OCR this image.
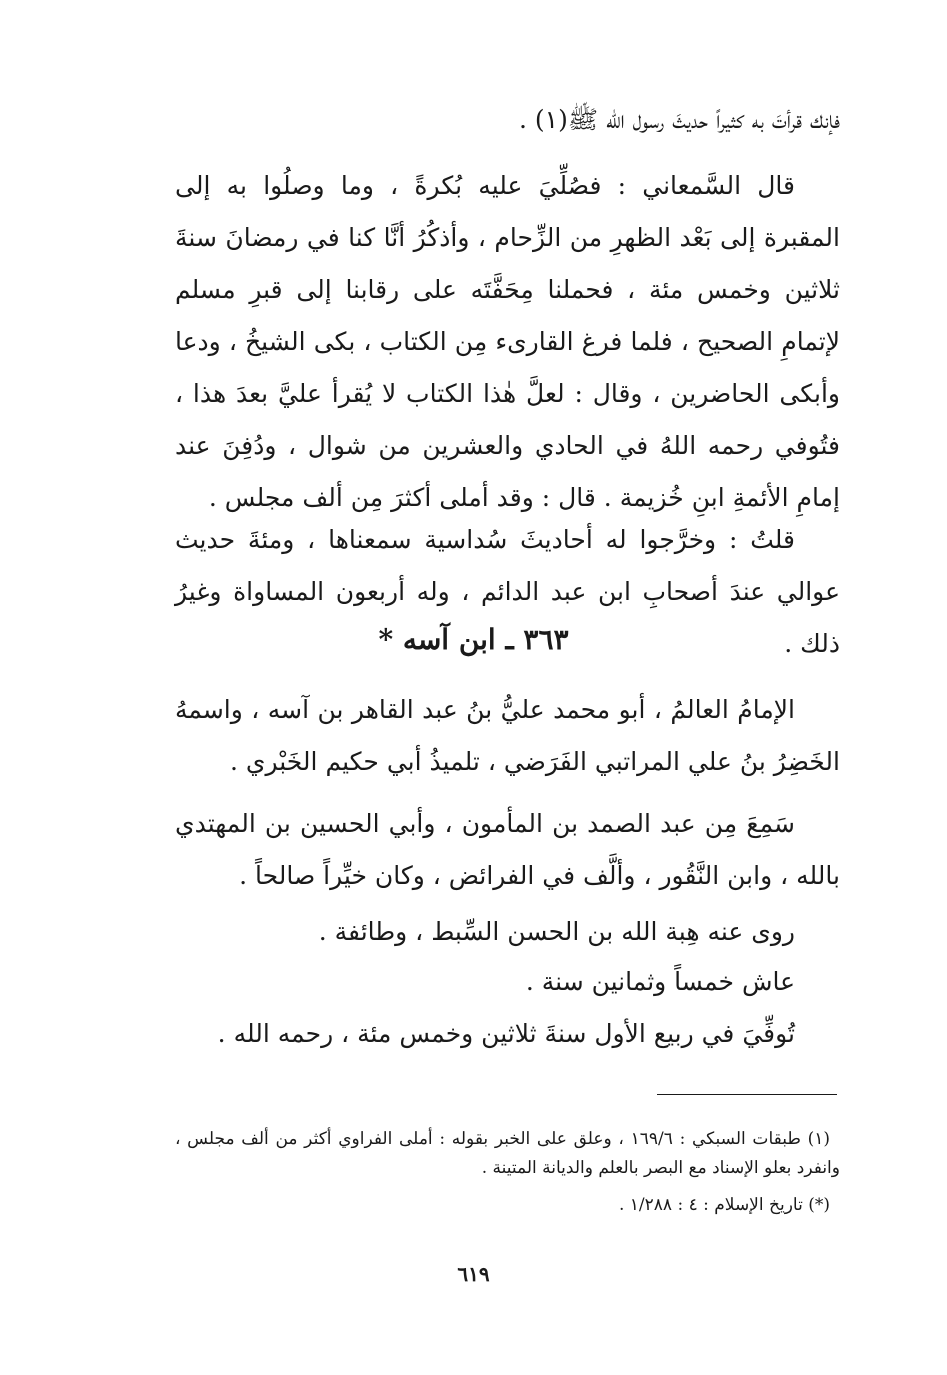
فإنك قرأتَ به كثيراً حديثَ رسول الله ﷺ(١) .
قال السَّمعاني : فصُلِّيَ عليه بُكرةً ، وما وصلُوا به إلى المقبرة إلى بَعْد الظهرِ من الزِّحام ، وأذكُرُ أنَّا كنا في رمضانَ سنةَ ثلاثين وخمس مئة ، فحملنا مِحَفَّتَه على رقابنا إلى قبرِ مسلم لإتمامِ الصحيح ، فلما فرغ القارىء مِن الكتاب ، بكى الشيخُ ، ودعا وأبكى الحاضرين ، وقال : لعلَّ هٰذا الكتاب لا يُقرأ عليَّ بعدَ هذا ، فتُوفي رحمه اللهُ في الحادي والعشرين من شوال ، ودُفِنَ عند إمامِ الأئمةِ ابنِ خُزيمة . قال : وقد أملى أكثرَ مِن ألف مجلس .
قلتُ : وخرَّجوا له أحاديثَ سُداسية سمعناها ، ومئةَ حديث عوالي عندَ أصحابِ ابن عبد الدائم ، وله أربعون المساواة وغيرُ ذلك .
٣٦٣ ـ ابن آسه *
الإمامُ العالمُ ، أبو محمد عليُّ بنُ عبد القاهر بن آسه ، واسمهُ الخَضِرُ بنُ علي المراتبي الفَرَضي ، تلميذُ أبي حكيم الخَبْري .
سَمِعَ مِن عبد الصمد بن المأمون ، وأبي الحسين بن المهتدي بالله ، وابن النَّقُور ، وألَّف في الفرائض ، وكان خيِّراً صالحاً .
روى عنه هِبة الله بن الحسن السِّبط ، وطائفة .
عاش خمساً وثمانين سنة .
تُوفِّيَ في ربيع الأول سنةَ ثلاثين وخمس مئة ، رحمه الله .
(١) طبقات السبكي : ١٦٩/٦ ، وعلق على الخبر بقوله : أملى الفراوي أكثر من ألف مجلس ، وانفرد بعلو الإسناد مع البصر بالعلم والديانة المتينة .
(*) تاريخ الإسلام : ٤ : ١/٢٨٨ .
٦١٩
